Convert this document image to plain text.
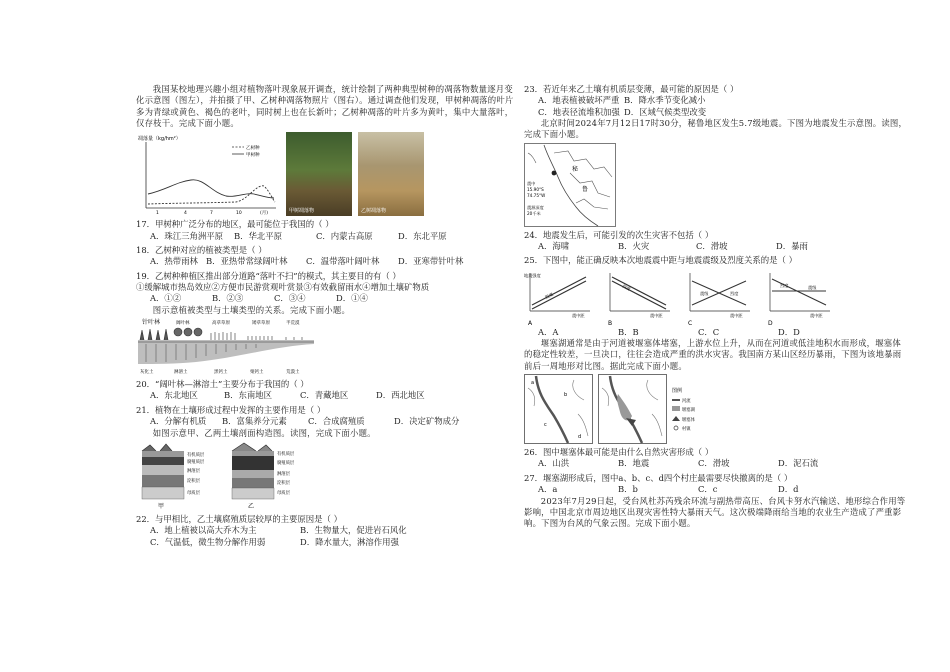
我国某校地理兴趣小组对植物落叶现象展开调查，统计绘制了两种典型树种的凋落物数量逐月变化示意图（图左），并拍摄了甲、乙树种凋落物照片（图右）。通过调查他们发现，甲树种凋落的叶片多为青绿或黄色、褐色的老叶，同时树上也在长新叶；乙树种凋落的叶片多为黄叶，集中大量落叶，仅存枝干。完成下面小题。

凋落量（kg/hm²）
乙树种
甲树种
1	4	7	10	(月)
甲树凋落物	乙树凋落物

17．甲树种广泛分布的地区，最可能位于我国的（ ）

A．珠江三角洲平原	B．华北平原	C．内蒙古高原	D．东北平原

18．乙树种对应的植被类型是（ ）

A．热带雨林 B．亚热带常绿阔叶林	C．温带落叶阔叶林	D．亚寒带针叶林

19．乙树种种植区推出部分道路“落叶不扫”的模式，其主要目的有（ ）

①缓解城市热岛效应②方便市民游赏观叶赏景③有效截留雨水④增加土壤矿物质

A．①②	B．②③	C．③④	D．①④

图示意植被类型与土壤类型的关系。完成下面小题。

针叶林	阔叶林	高草草原	矮草草原	半荒漠
灰化土	淋溶土	黑钙土	栗钙土	荒漠土

20．“阔叶林—淋溶土”主要分布于我国的（ ）

A．东北地区	B．东南地区	C．青藏地区	D．西北地区

21．植物在土壤形成过程中发挥的主要作用是（ ）

A．分解有机质	B．富集养分元素	C．合成腐殖质	D．决定矿物成分

如图示意甲、乙两土壤剖面构造图。读图，完成下面小题。

有机质层
腐殖质层
淋溶层
淀积层
母质层
甲
有机质层
腐殖质层
淋溶层
淀积层
母质层
乙

22．与甲相比，乙土壤腐殖质层较厚的主要原因是（ ）

A．地上植被以高大乔木为主	B．生物量大，促进岩石风化
C．气温低，微生物分解作用弱	D．降水量大，淋溶作用强

23．若近年来乙土壤有机质层变薄，最可能的原因是（ ）

A．地表植被破坏严重 B．降水季节变化减小
C．地表径流堆积加强 D．区域气候类型改变

北京时间2024年7月12日17时30分，秘鲁地区发生5.7级地震。下图为地震发生示意图。读图，完成下面小题。

秘
鲁
震中
15.90°S
74.75°W
震源深度
20千米

24．地震发生后，可能引发的次生灾害不包括（ ）

A．海啸	B．火灾	C．滑坡	D．暴雨

25．下图中，能正确反映本次地震震中距与地震震级及烈度关系的是（ ）

地震强度
烈度
震中距
A
烈度
震中距
B
震级	烈度
震中距
C
烈度	震级
震中距
D
A．A	B．B	C．C	D．D

堰塞湖通常是由于河道被堰塞体堵塞，上游水位上升，从而在河道或低洼地积水而形成，堰塞体的稳定性较差，一旦决口，往往会造成严重的洪水灾害。我国南方某山区经历暴雨，下图为该地暴雨前后一周地形对比图。据此完成下面小题。

a
b
c
d
图例
河流
堰塞湖
堰塞体
村镇

26．图中堰塞体最可能是由什么自然灾害形成（ ）

A．山洪	B．地震	C．滑坡	D．泥石流

27．堰塞湖形成后，图中a、b、c、d四个村庄最需要尽快撤离的是（ ）

A．a	B．b	C．c	D．d

2023年7月29日起，受台风杜苏芮残余环流与副热带高压、台风卡努水汽输送、地形综合作用等影响，中国北京市周边地区出现灾害性特大暴雨天气。这次极端降雨给当地的农业生产造成了严重影响。下图为台风的气象云图。完成下面小题。
